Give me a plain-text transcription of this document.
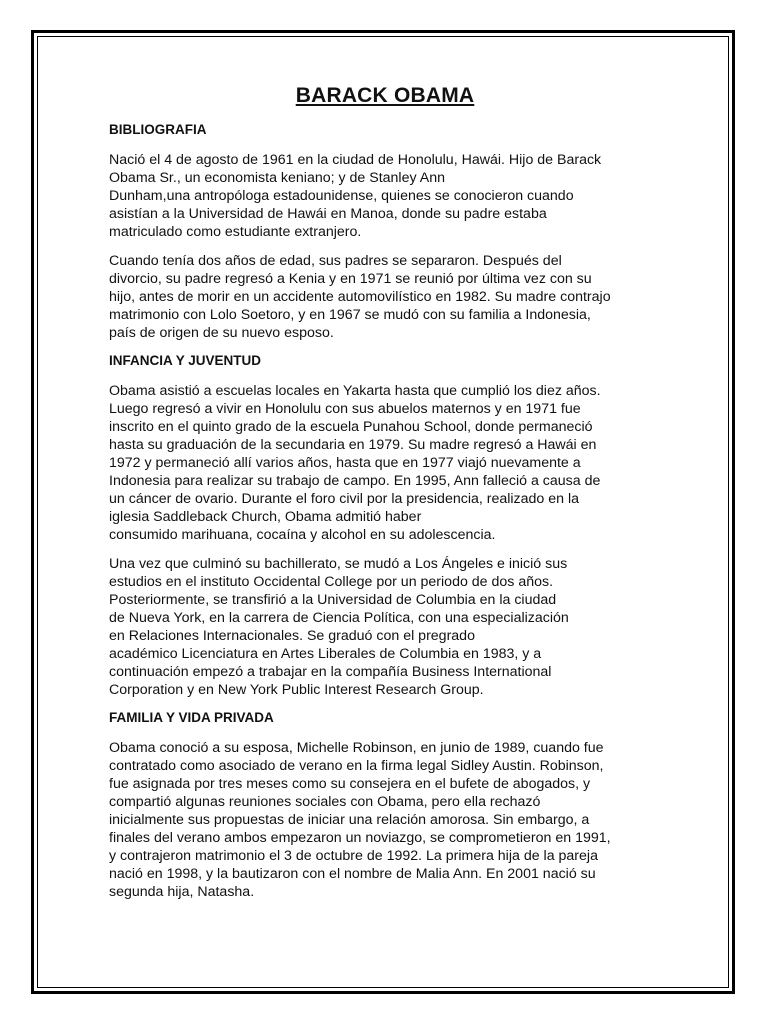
BARACK OBAMA
BIBLIOGRAFIA

Nació el 4 de agosto de 1961 en la ciudad de Honolulu, Hawái. Hijo de Barack
Obama Sr., un economista keniano; y de Stanley Ann
Dunham,una antropóloga estadounidense, quienes se conocieron cuando
asistían a la Universidad de Hawái en Manoa, donde su padre estaba
matriculado como estudiante extranjero.

Cuando tenía dos años de edad, sus padres se separaron. Después del
divorcio, su padre regresó a Kenia y en 1971 se reunió por última vez con su
hijo, antes de morir en un accidente automovilístico en 1982. Su madre contrajo
matrimonio con Lolo Soetoro, y en 1967 se mudó con su familia a Indonesia,
país de origen de su nuevo esposo.

INFANCIA Y JUVENTUD

Obama asistió a escuelas locales en Yakarta hasta que cumplió los diez años.
Luego regresó a vivir en Honolulu con sus abuelos maternos y en 1971 fue
inscrito en el quinto grado de la escuela Punahou School, donde permaneció
hasta su graduación de la secundaria en 1979. Su madre regresó a Hawái en
1972 y permaneció allí varios años, hasta que en 1977 viajó nuevamente a
Indonesia para realizar su trabajo de campo. En 1995, Ann falleció a causa de
un cáncer de ovario. Durante el foro civil por la presidencia, realizado en la
iglesia Saddleback Church, Obama admitió haber
consumido marihuana, cocaína y alcohol en su adolescencia.

Una vez que culminó su bachillerato, se mudó a Los Ángeles e inició sus
estudios en el instituto Occidental College por un periodo de dos años.
Posteriormente, se transfirió a la Universidad de Columbia en la ciudad
de Nueva York, en la carrera de Ciencia Política, con una especialización
en Relaciones Internacionales. Se graduó con el pregrado
académico Licenciatura en Artes Liberales de Columbia en 1983, y a
continuación empezó a trabajar en la compañía Business International
Corporation y en New York Public Interest Research Group.

FAMILIA Y VIDA PRIVADA

Obama conoció a su esposa, Michelle Robinson, en junio de 1989, cuando fue
contratado como asociado de verano en la firma legal Sidley Austin. Robinson,
fue asignada por tres meses como su consejera en el bufete de abogados, y
compartió algunas reuniones sociales con Obama, pero ella rechazó
inicialmente sus propuestas de iniciar una relación amorosa. Sin embargo, a
finales del verano ambos empezaron un noviazgo, se comprometieron en 1991,
y contrajeron matrimonio el 3 de octubre de 1992. La primera hija de la pareja
nació en 1998, y la bautizaron con el nombre de Malia Ann. En 2001 nació su
segunda hija, Natasha.
